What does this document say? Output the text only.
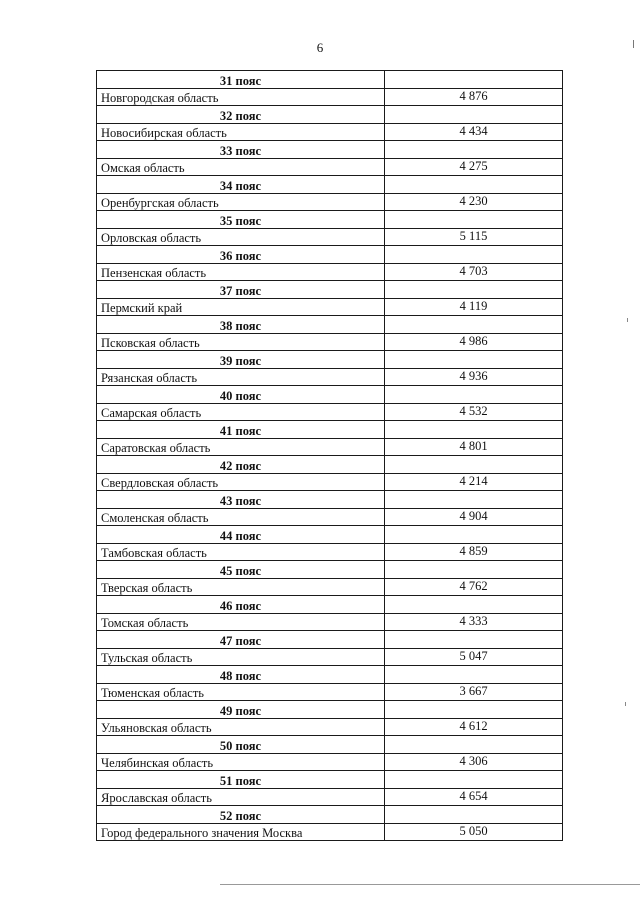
6
31 пояс	
Новгородская область	4 876
32 пояс	
Новосибирская область	4 434
33 пояс	
Омская область	4 275
34 пояс	
Оренбургская область	4 230
35 пояс	
Орловская область	5 115
36 пояс	
Пензенская область	4 703
37 пояс	
Пермский край	4 119
38 пояс	
Псковская область	4 986
39 пояс	
Рязанская область	4 936
40 пояс	
Самарская область	4 532
41 пояс	
Саратовская область	4 801
42 пояс	
Свердловская область	4 214
43 пояс	
Смоленская область	4 904
44 пояс	
Тамбовская область	4 859
45 пояс	
Тверская область	4 762
46 пояс	
Томская область	4 333
47 пояс	
Тульская область	5 047
48 пояс	
Тюменская область	3 667
49 пояс	
Ульяновская область	4 612
50 пояс	
Челябинская область	4 306
51 пояс	
Ярославская область	4 654
52 пояс	
Город федерального значения Москва	5 050
